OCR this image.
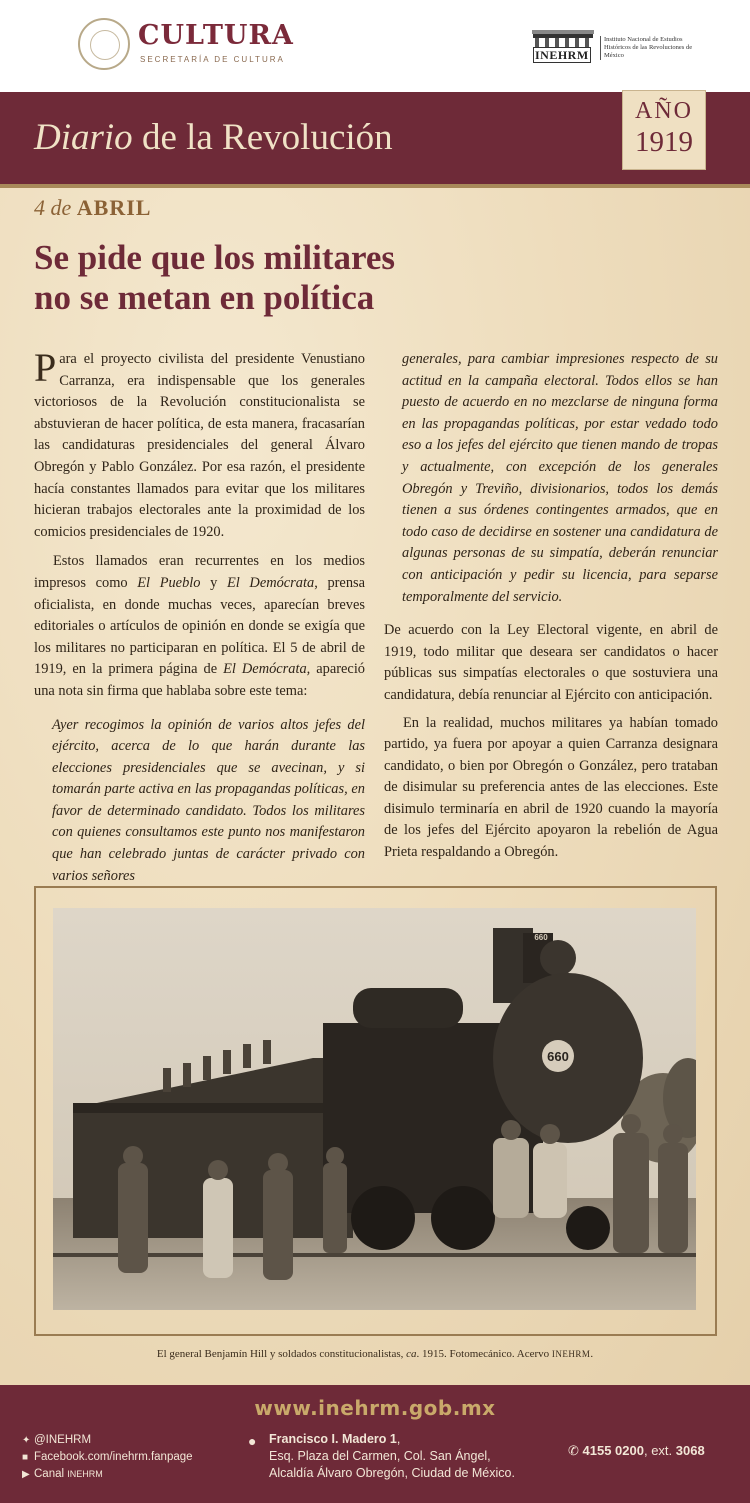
CULTURA
SECRETARÍA DE CULTURA	INEHRM
Instituto Nacional de Estudios Históricos de las Revoluciones de México
Diario de la Revolución
AÑO
1919
4 de ABRIL
Se pide que los militares
no se metan en política

Para el proyecto civilista del presidente Venustiano Carranza, era indispensable que los generales victoriosos de la Revolución constitucionalista se abstuvieran de hacer política, de esta manera, fracasarían las candidaturas presidenciales del general Álvaro Obregón y Pablo González. Por esa razón, el presidente hacía constantes llamados para evitar que los militares hicieran trabajos electorales ante la proximidad de los comicios presidenciales de 1920.

Estos llamados eran recurrentes en los medios impresos como El Pueblo y El Demócrata, prensa oficialista, en donde muchas veces, aparecían breves editoriales o artículos de opinión en donde se exigía que los militares no participaran en política. El 5 de abril de 1919, en la primera página de El Demócrata, apareció una nota sin firma que hablaba sobre este tema:

Ayer recogimos la opinión de varios altos jefes del ejército, acerca de lo que harán durante las elecciones presidenciales que se avecinan, y si tomarán parte activa en las propagandas políticas, en favor de determinado candidato. Todos los militares con quienes consultamos este punto nos manifestaron que han celebrado juntas de carácter privado con varios señores

generales, para cambiar impresiones respecto de su actitud en la campaña electoral. Todos ellos se han puesto de acuerdo en no mezclarse de ninguna forma en las propagandas políticas, por estar vedado todo eso a los jefes del ejército que tienen mando de tropas y actualmente, con excepción de los generales Obregón y Treviño, divisionarios, todos los demás tienen a sus órdenes contingentes armados, que en todo caso de decidirse en sostener una candidatura de algunas personas de su simpatía, deberán renunciar con anticipación y pedir su licencia, para separse temporalmente del servicio.

De acuerdo con la Ley Electoral vigente, en abril de 1919, todo militar que deseara ser candidatos o hacer públicas sus simpatías electorales o que sostuviera una candidatura, debía renunciar al Ejército con anticipación.

En la realidad, muchos militares ya habían tomado partido, ya fuera por apoyar a quien Carranza designara candidato, o bien por Obregón o González, pero trataban de disimular su preferencia antes de las elecciones. Este disimulo terminaría en abril de 1920 cuando la mayoría de los jefes del Ejército apoyaron la rebelión de Agua Prieta respaldando a Obregón.

660
660
El general Benjamín Hill y soldados constitucionalistas, ca. 1915. Fotomecánico. Acervo INEHRM.
www.inehrm.gob.mx
✦ @INEHRM
■ Facebook.com/inehrm.fanpage
▶ Canal INEHRM
● Francisco I. Madero 1,
Esq. Plaza del Carmen, Col. San Ángel,
Alcaldía Álvaro Obregón, Ciudad de México.
✆ 4155 0200, ext. 3068
